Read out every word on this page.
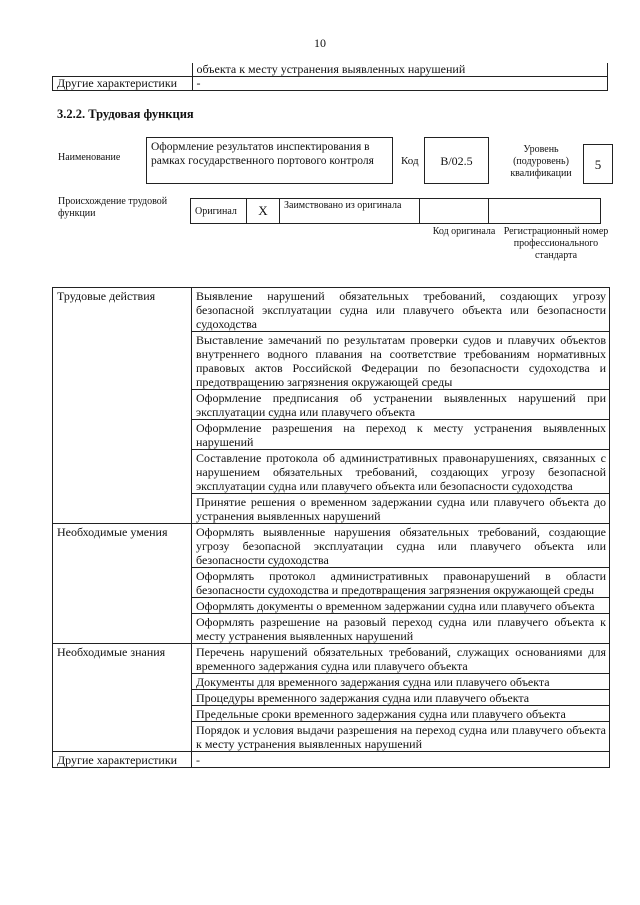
10
	объекта к месту устранения выявленных нарушений
Другие характеристики	-
3.2.2. Трудовая функция
Наименование
Оформление результатов инспектирования в рамках государственного портового контроля	Код	B/02.5
Уровень (подуровень) квалификации
5
Происхождение трудовой функции	Оригинал	X	Заимствовано из оригинала		
Код оригинала Регистрационный номер профессионального стандарта
Трудовые действия	Выявление нарушений обязательных требований, создающих угрозу безопасной эксплуатации судна или плавучего объекта или безопасности судоходства
	Выставление замечаний по результатам проверки судов и плавучих объектов внутреннего водного плавания на соответствие требованиям нормативных правовых актов Российской Федерации по безопасности судоходства и предотвращению загрязнения окружающей среды
	Оформление предписания об устранении выявленных нарушений при эксплуатации судна или плавучего объекта
	Оформление разрешения на переход к месту устранения выявленных нарушений
	Составление протокола об административных правонарушениях, связанных с нарушением обязательных требований, создающих угрозу безопасной эксплуатации судна или плавучего объекта или безопасности судоходства
	Принятие решения о временном задержании судна или плавучего объекта до устранения выявленных нарушений
Необходимые умения	Оформлять выявленные нарушения обязательных требований, создающие угрозу безопасной эксплуатации судна или плавучего объекта или безопасности судоходства
	Оформлять протокол административных правонарушений в области безопасности судоходства и предотвращения загрязнения окружающей среды
	Оформлять документы о временном задержании судна или плавучего объекта
	Оформлять разрешение на разовый переход судна или плавучего объекта к месту устранения выявленных нарушений
Необходимые знания	Перечень нарушений обязательных требований, служащих основаниями для временного задержания судна или плавучего объекта
	Документы для временного задержания судна или плавучего объекта
	Процедуры временного задержания судна или плавучего объекта
	Предельные сроки временного задержания судна или плавучего объекта
	Порядок и условия выдачи разрешения на переход судна или плавучего объекта к месту устранения выявленных нарушений
Другие характеристики	-
